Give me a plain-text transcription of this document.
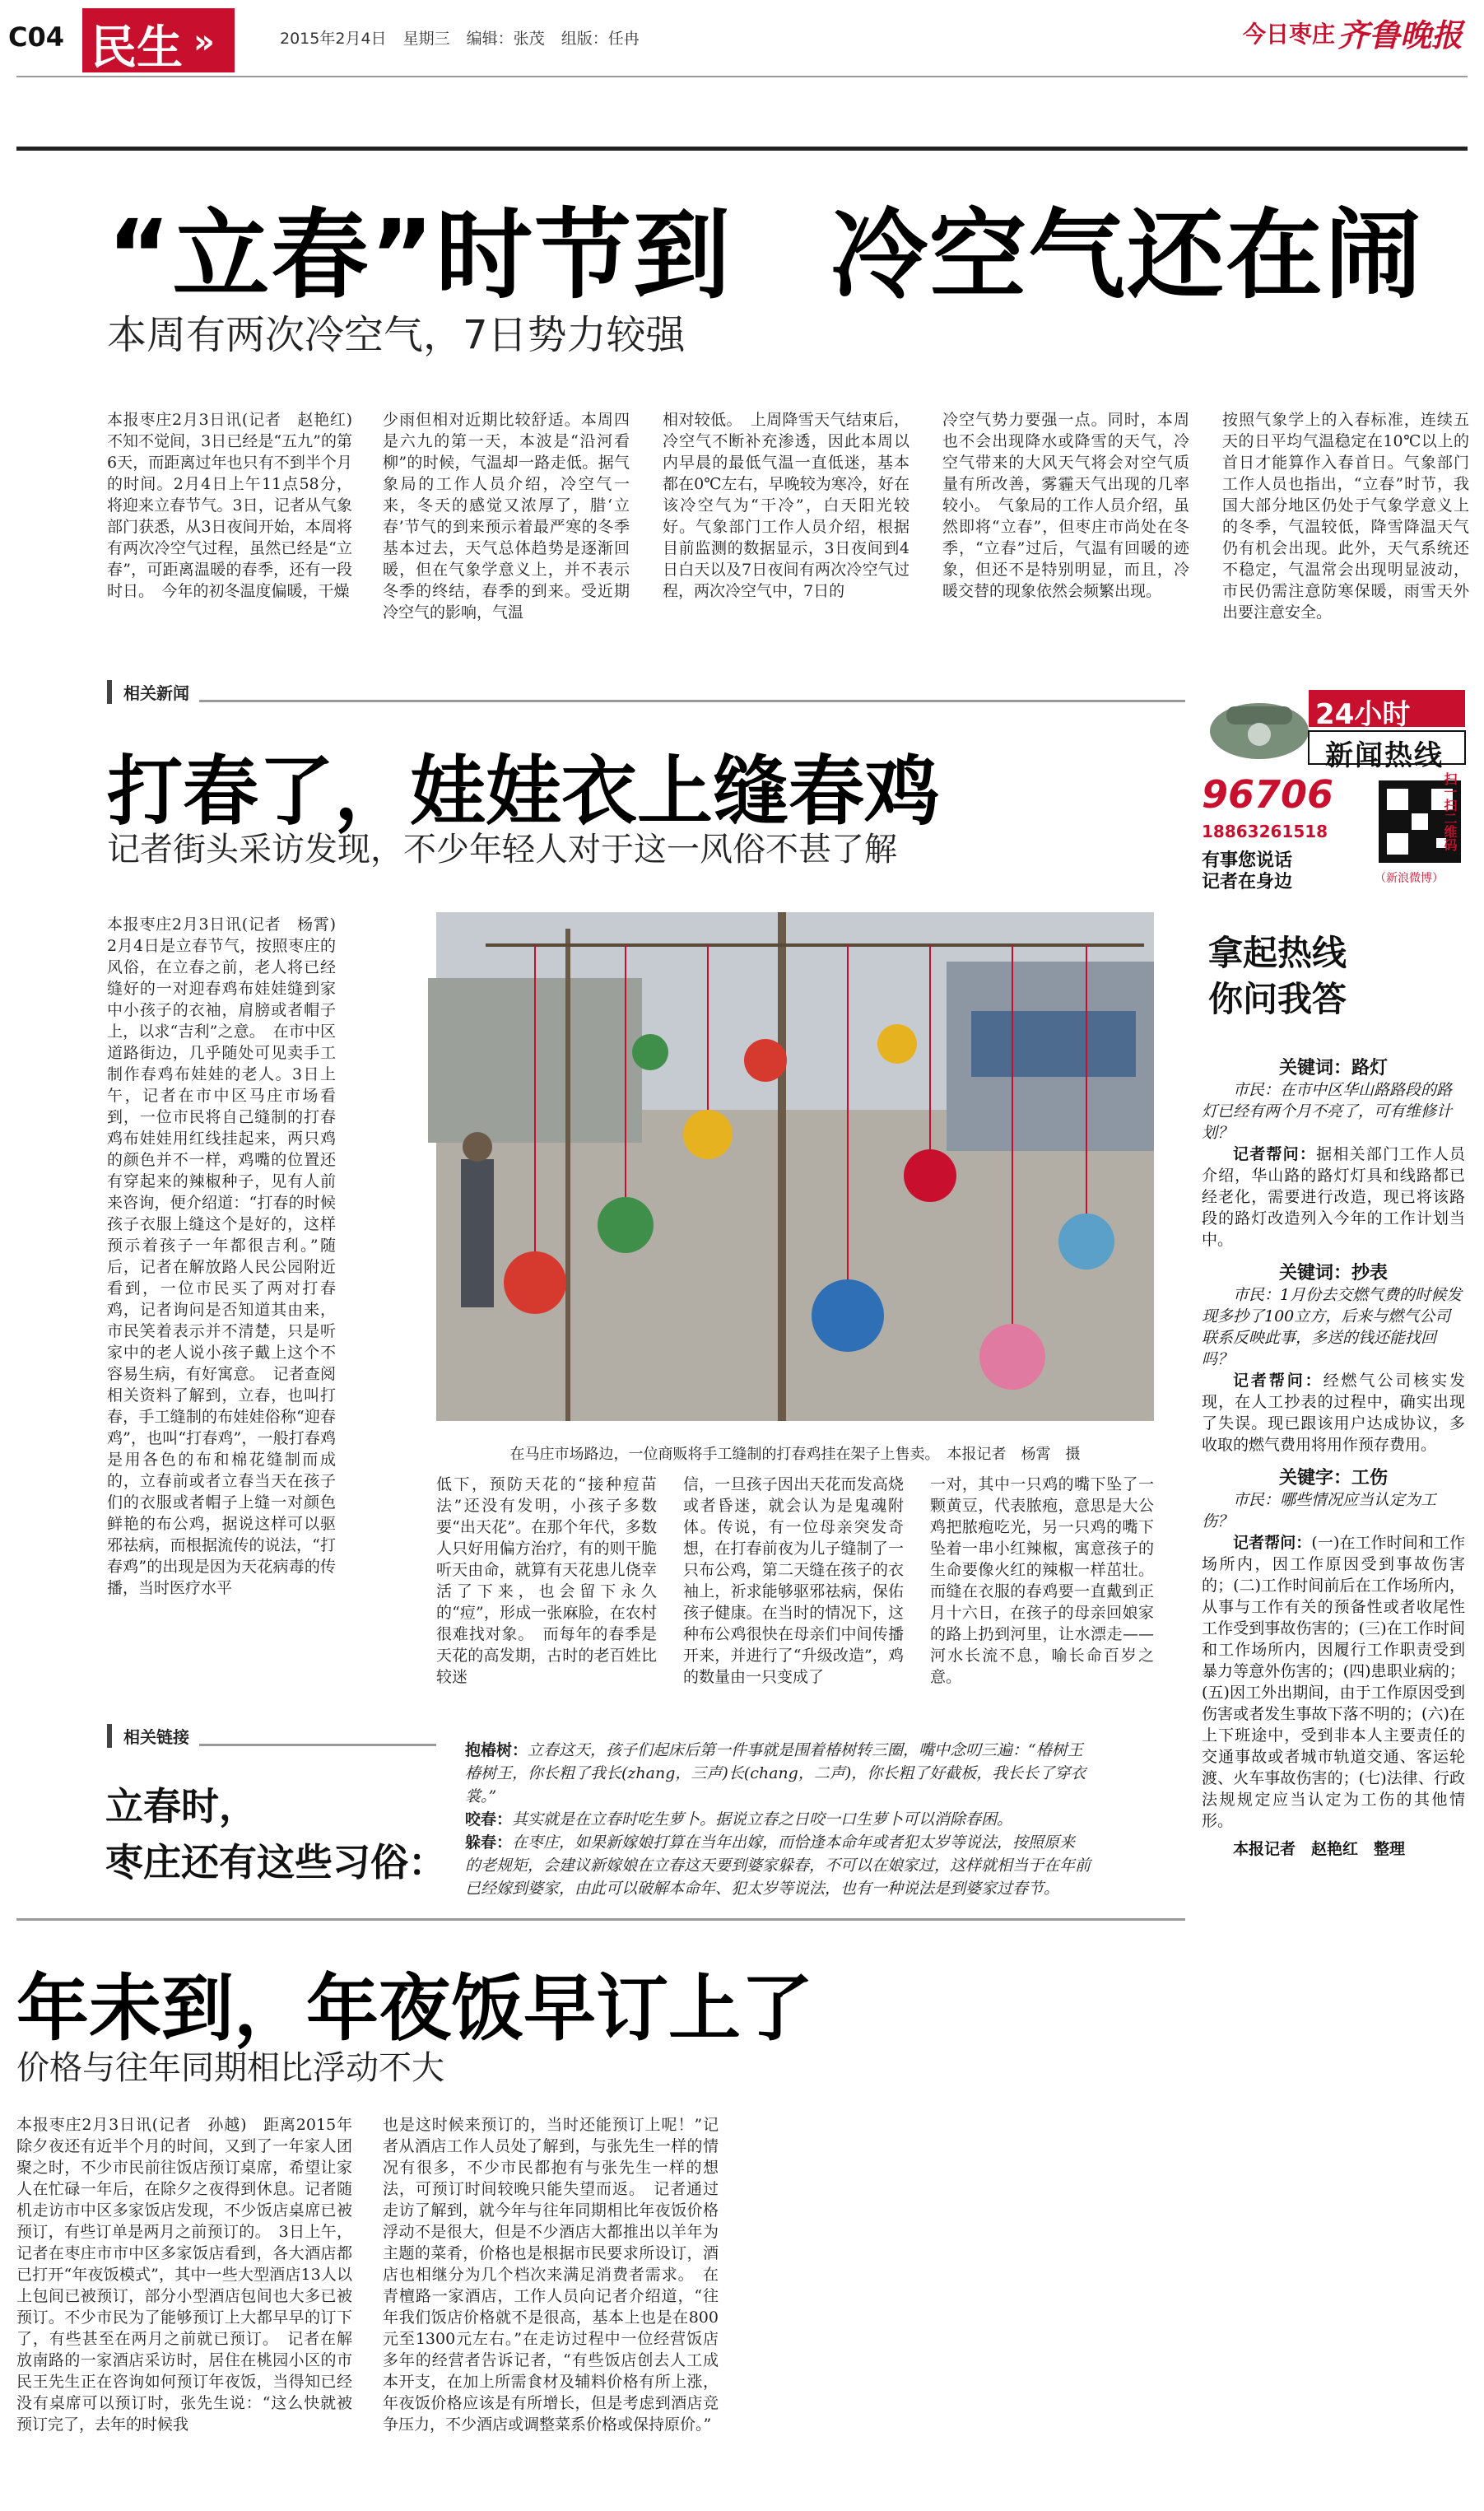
C04 民生 »	2015年2月4日 星期三 编辑：张茂 组版：任冉	今日枣庄 齐鲁晚报
“立春”时节到　冷空气还在闹
本周有两次冷空气，7日势力较强
本报枣庄2月3日讯(记者　赵艳红)　不知不觉间，3日已经是“五九”的第6天，而距离过年也只有不到半个月的时间。2月4日上午11点58分，将迎来立春节气。3日，记者从气象部门获悉，从3日夜间开始，本周将有两次冷空气过程，虽然已经是“立春”，可距离温暖的春季，还有一段时日。　今年的初冬温度偏暖，干燥
少雨但相对近期比较舒适。本周四是六九的第一天，本波是“沿河看柳”的时候，气温却一路走低。据气象局的工作人员介绍，冷空气一来，冬天的感觉又浓厚了，腊‘立春’节气的到来预示着最严寒的冬季基本过去，天气总体趋势是逐渐回暖，但在气象学意义上，并不表示冬季的终结，春季的到来。受近期冷空气的影响，气温
相对较低。　上周降雪天气结束后，冷空气不断补充渗透，因此本周以内早晨的最低气温一直低迷，基本都在0℃左右，早晚较为寒冷，好在该冷空气为“干冷”，白天阳光较好。气象部门工作人员介绍，根据目前监测的数据显示，3日夜间到4日白天以及7日夜间有两次冷空气过程，两次冷空气中，7日的
冷空气势力要强一点。同时，本周也不会出现降水或降雪的天气，冷空气带来的大风天气将会对空气质量有所改善，雾霾天气出现的几率较小。　气象局的工作人员介绍，虽然即将“立春”，但枣庄市尚处在冬季，“立春”过后，气温有回暖的迹象，但还不是特别明显，而且，冷暖交替的现象依然会频繁出现。
按照气象学上的入春标准，连续五天的日平均气温稳定在10℃以上的首日才能算作入春首日。气象部门工作人员也指出，“立春”时节，我国大部分地区仍处于气象学意义上的冬季，气温较低，降雪降温天气仍有机会出现。此外，天气系统还不稳定，气温常会出现明显波动，市民仍需注意防寒保暖，雨雪天外出要注意安全。
相关新闻
打春了，娃娃衣上缝春鸡
记者街头采访发现，不少年轻人对于这一风俗不甚了解
本报枣庄2月3日讯(记者　杨霄)　2月4日是立春节气，按照枣庄的风俗，在立春之前，老人将已经缝好的一对迎春鸡布娃娃缝到家中小孩子的衣袖，肩膀或者帽子上，以求“吉利”之意。　在市中区道路街边，几乎随处可见卖手工制作春鸡布娃娃的老人。3日上午，记者在市中区马庄市场看到，一位市民将自己缝制的打春鸡布娃娃用红线挂起来，两只鸡的颜色并不一样，鸡嘴的位置还有穿起来的辣椒种子，见有人前来咨询，便介绍道：“打春的时候孩子衣服上缝这个是好的，这样预示着孩子一年都很吉利。”随后，记者在解放路人民公园附近看到，一位市民买了两对打春鸡，记者询问是否知道其由来，市民笑着表示并不清楚，只是听家中的老人说小孩子戴上这个不容易生病，有好寓意。　记者查阅相关资料了解到，立春，也叫打春，手工缝制的布娃娃俗称“迎春鸡”，也叫“打春鸡”，一般打春鸡是用各色的布和棉花缝制而成的，立春前或者立春当天在孩子们的衣服或者帽子上缝一对颜色鲜艳的布公鸡，据说这样可以驱邪祛病，而根据流传的说法，“打春鸡”的出现是因为天花病毒的传播，当时医疗水平
在马庄市场路边，一位商贩将手工缝制的打春鸡挂在架子上售卖。　本报记者　杨霄　摄
低下，预防天花的“接种痘苗法”还没有发明，小孩子多数要“出天花”。在那个年代，多数人只好用偏方治疗，有的则干脆听天由命，就算有天花患儿侥幸活了下来，也会留下永久的“痘”，形成一张麻脸，在农村很难找对象。　而每年的春季是天花的高发期，古时的老百姓比较迷
信，一旦孩子因出天花而发高烧或者昏迷，就会认为是鬼魂附体。传说，有一位母亲突发奇想，在打春前夜为儿子缝制了一只布公鸡，第二天缝在孩子的衣袖上，祈求能够驱邪祛病，保佑孩子健康。在当时的情况下，这种布公鸡很快在母亲们中间传播开来，并进行了“升级改造”，鸡的数量由一只变成了
一对，其中一只鸡的嘴下坠了一颗黄豆，代表脓疱，意思是大公鸡把脓疱吃光，另一只鸡的嘴下坠着一串小红辣椒，寓意孩子的生命要像火红的辣椒一样茁壮。而缝在衣服的春鸡要一直戴到正月十六日，在孩子的母亲回娘家的路上扔到河里，让水漂走——河水长流不息，喻长命百岁之意。
24小时
新闻热线
96706
18863261518
有事您说话
记者在身边
扫一扫二维码
（新浪微博）
拿起热线
你问我答
关键词：路灯
市民：在市中区华山路路段的路灯已经有两个月不亮了，可有维修计划？
记者帮问：据相关部门工作人员介绍，华山路的路灯灯具和线路都已经老化，需要进行改造，现已将该路段的路灯改造列入今年的工作计划当中。
关键词：抄表
市民：1月份去交燃气费的时候发现多抄了100立方，后来与燃气公司联系反映此事，多送的钱还能找回吗？
记者帮问：经燃气公司核实发现，在人工抄表的过程中，确实出现了失误。现已跟该用户达成协议，多收取的燃气费用将用作预存费用。
关键字：工伤
市民：哪些情况应当认定为工伤？
记者帮问：(一)在工作时间和工作场所内，因工作原因受到事故伤害的；(二)工作时间前后在工作场所内，从事与工作有关的预备性或者收尾性工作受到事故伤害的；(三)在工作时间和工作场所内，因履行工作职责受到暴力等意外伤害的；(四)患职业病的；(五)因工外出期间，由于工作原因受到伤害或者发生事故下落不明的；(六)在上下班途中，受到非本人主要责任的交通事故或者城市轨道交通、客运轮渡、火车事故伤害的；(七)法律、行政法规规定应当认定为工伤的其他情形。
本报记者　赵艳红　整理
相关链接
立春时，
枣庄还有这些习俗：
抱椿树：立春这天，孩子们起床后第一件事就是围着椿树转三圈，嘴中念叨三遍：“椿树王椿树王，你长粗了我长(zhang，三声)长(chang，二声)，你长粗了好截板，我长长了穿衣裳。”
咬春：其实就是在立春时吃生萝卜。据说立春之日咬一口生萝卜可以消除春困。
躲春：在枣庄，如果新嫁娘打算在当年出嫁，而恰逢本命年或者犯太岁等说法，按照原来的老规矩，会建议新嫁娘在立春这天要到婆家躲春，不可以在娘家过，这样就相当于在年前已经嫁到婆家，由此可以破解本命年、犯太岁等说法，也有一种说法是到婆家过春节。
年未到，年夜饭早订上了
价格与往年同期相比浮动不大
本报枣庄2月3日讯(记者　孙越)　距离2015年除夕夜还有近半个月的时间，又到了一年家人团聚之时，不少市民前往饭店预订桌席，希望让家人在忙碌一年后，在除夕之夜得到休息。记者随机走访市中区多家饭店发现，不少饭店桌席已被预订，有些订单是两月之前预订的。　3日上午，记者在枣庄市市中区多家饭店看到，各大酒店都已打开“年夜饭模式”，其中一些大型酒店13人以上包间已被预订，部分小型酒店包间也大多已被预订。不少市民为了能够预订上大都早早的订下了，有些甚至在两月之前就已预订。　记者在解放南路的一家酒店采访时，居住在桃园小区的市民王先生正在咨询如何预订年夜饭，当得知已经没有桌席可以预订时，张先生说：“这么快就被预订完了，去年的时候我
也是这时候来预订的，当时还能预订上呢！”记者从酒店工作人员处了解到，与张先生一样的情况有很多，不少市民都抱有与张先生一样的想法，可预订时间较晚只能失望而返。　记者通过走访了解到，就今年与往年同期相比年夜饭价格浮动不是很大，但是不少酒店大都推出以羊年为主题的菜肴，价格也是根据市民要求所设订，酒店也相继分为几个档次来满足消费者需求。　在青檀路一家酒店，工作人员向记者介绍道，“往年我们饭店价格就不是很高，基本上也是在800元至1300元左右。”在走访过程中一位经营饭店多年的经营者告诉记者，“有些饭店创去人工成本开支，在加上所需食材及辅料价格有所上涨，年夜饭价格应该是有所增长，但是考虑到酒店竞争压力，不少酒店或调整菜系价格或保持原价。”
